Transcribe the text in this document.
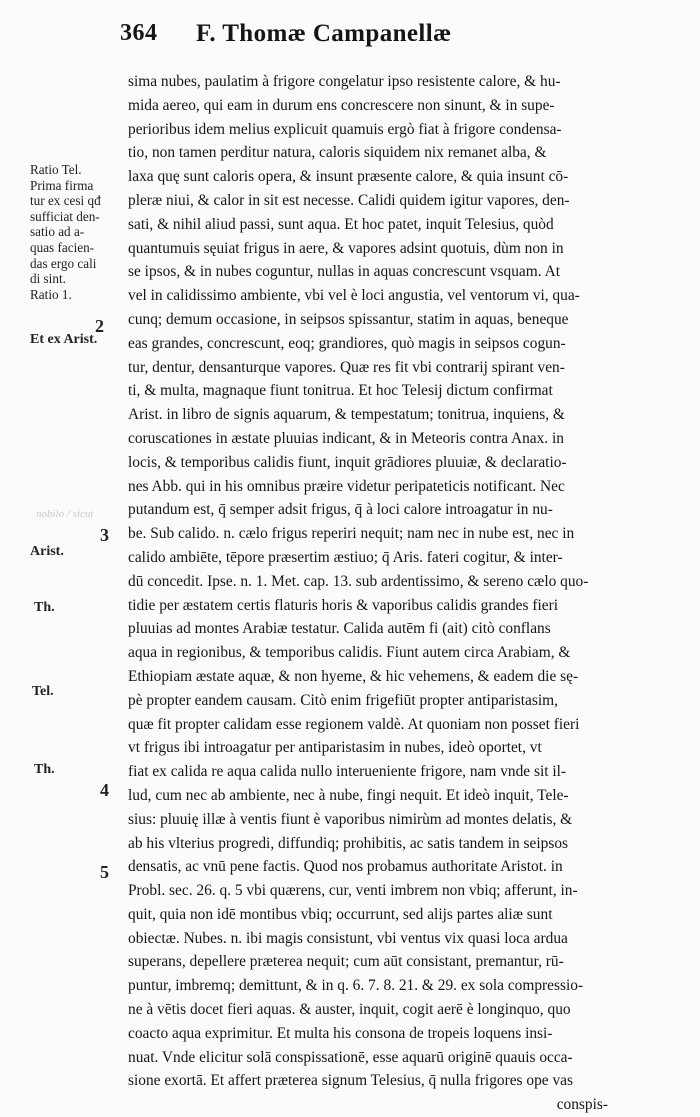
364 F. Thomæ Campanellæ
Ratio Tel.
Prima firma
tur ex cesi qđ
sufficiat den-
satio ad a-
quas facien-
das ergo cali
di sint.
Ratio 1.
2
Et ex Arist.
nobilo / sicut
3
Arist.
Th.
Tel.
Th.
4
5
sima nubes, paulatim à frigore congelatur ipso resistente calore, & hu-
mida aereo, qui eam in durum ens concrescere non sinunt, & in supe-
perioribus idem melius explicuit quamuis ergò fiat à frigore condensa-
tio, non tamen perditur natura, caloris siquidem nix remanet alba, &
laxa quę sunt caloris opera, & insunt præsente calore, & quia insunt cō-
pleræ niui, & calor in sit est necesse. Calidi quidem igitur vapores, den-
sati, & nihil aliud passi, sunt aqua. Et hoc patet, inquit Telesius, quòd
quantumuis sęuiat frigus in aere, & vapores adsint quotuis, dùm non in
se ipsos, & in nubes coguntur, nullas in aquas concrescunt vsquam. At
vel in calidissimo ambiente, vbi vel è loci angustia, vel ventorum vi, qua-
cunq; demum occasione, in seipsos spissantur, statim in aquas, beneque
eas grandes, concrescunt, eoq; grandiores, quò magis in seipsos cogun-
tur, dentur, densanturque vapores. Quæ res fit vbi contrarij spirant ven-
ti, & multa, magnaque fiunt tonitrua. Et hoc Telesij dictum confirmat
Arist. in libro de signis aquarum, & tempestatum; tonitrua, inquiens, &
coruscationes in æstate pluuias indicant, & in Meteoris contra Anax. in
locis, & temporibus calidis fiunt, inquit grādiores pluuiæ, & declaratio-
nes Abb. qui in his omnibus præire videtur peripateticis notificant. Nec
putandum est, q̄ semper adsit frigus, q̄ à loci calore introagatur in nu-
be. Sub calido. n. cælo frigus reperiri nequit; nam nec in nube est, nec in
calido ambiēte, tēpore præsertim æstiuo; q̄ Aris. fateri cogitur, & inter-
dū concedit. Ipse. n. 1. Met. cap. 13. sub ardentissimo, & sereno cælo quo-
tidie per æstatem certis flaturis horis & vaporibus calidis grandes fieri
pluuias ad montes Arabiæ testatur. Calida autēm fi (ait) citò conflans
aqua in regionibus, & temporibus calidis. Fiunt autem circa Arabiam, &
Ethiopiam æstate aquæ, & non hyeme, & hic vehemens, & eadem die sę-
pè propter eandem causam. Citò enim frigefiūt propter antiparistasim,
quæ fit propter calidam esse regionem valdè. At quoniam non posset fieri
vt frigus ibi introagatur per antiparistasim in nubes, ideò oportet, vt
fiat ex calida re aqua calida nullo interueniente frigore, nam vnde sit il-
lud, cum nec ab ambiente, nec à nube, fingi nequit. Et ideò inquit, Tele-
sius: pluuię illæ à ventis fiunt è vaporibus nimirùm ad montes delatis, &
ab his vlterius progredi, diffundiq; prohibitis, ac satis tandem in seipsos
densatis, ac vnū pene factis. Quod nos probamus authoritate Aristot. in
Probl. sec. 26. q. 5 vbi quærens, cur, venti imbrem non vbiq; afferunt, in-
quit, quia non idē montibus vbiq; occurrunt, sed alijs partes aliæ sunt
obiectæ. Nubes. n. ibi magis consistunt, vbi ventus vix quasi loca ardua
superans, depellere præterea nequit; cum aūt consistant, premantur, rū-
puntur, imbremq; demittunt, & in q. 6. 7. 8. 21. & 29. ex sola compressio-
ne à vētis docet fieri aquas. & auster, inquit, cogit aerē è longinquo, quo
coacto aqua exprimitur. Et multa his consona de tropeis loquens insi-
nuat. Vnde elicitur solā conspissationē, esse aquarū originē quauis occa-
sione exortā. Et affert præterea signum Telesius, q̄ nulla frigores ope vas
conspis-
